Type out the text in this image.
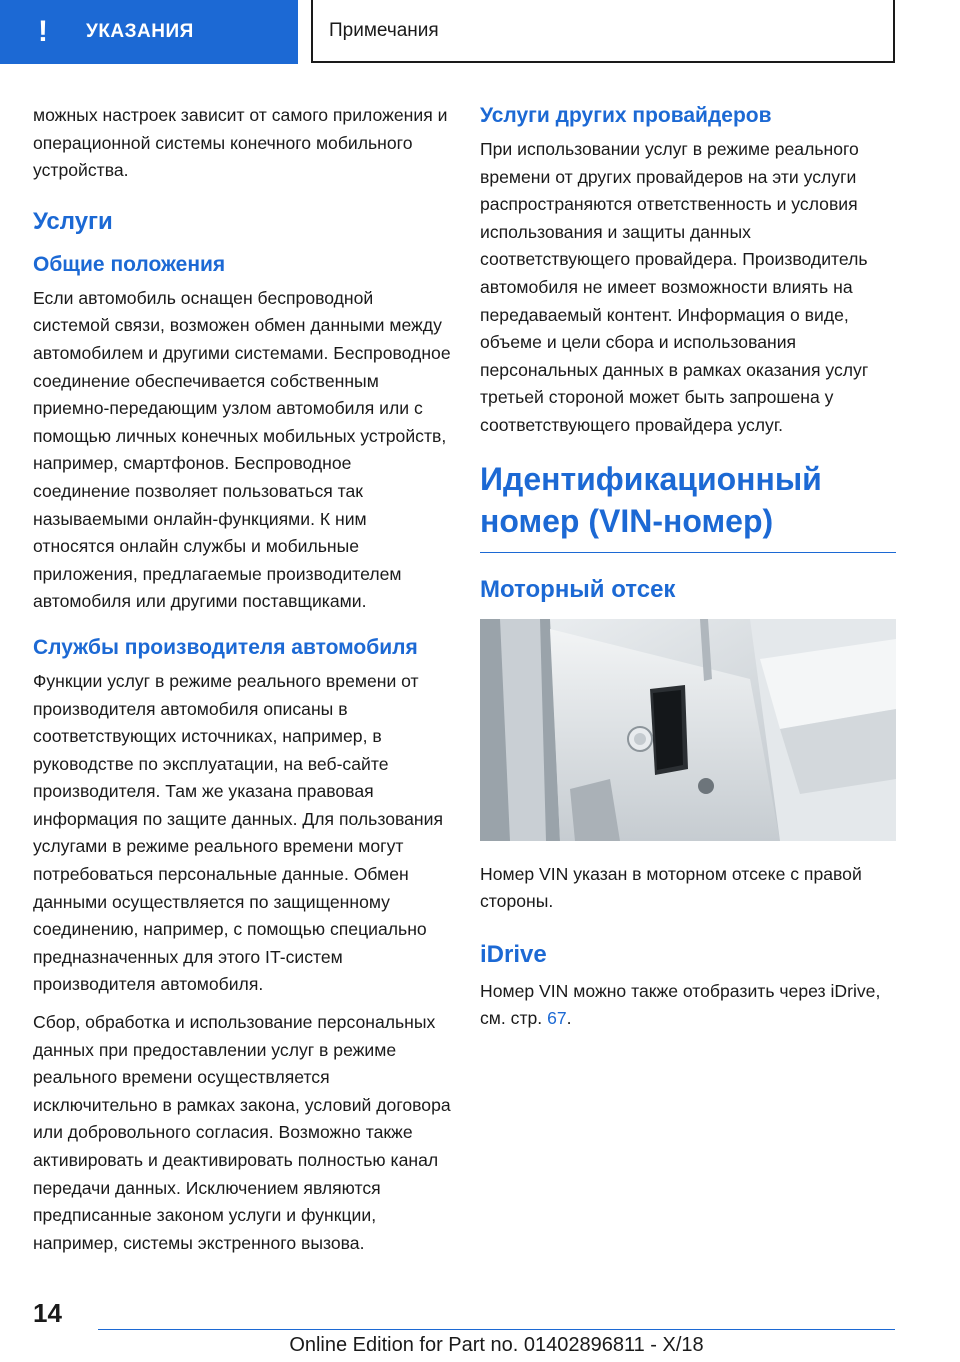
!	УКАЗАНИЯ	Примечания

можных настроек зависит от самого приложения и операционной системы конечного мобильного устройства.

Услуги
Общие положения

Если автомобиль оснащен беспроводной системой связи, возможен обмен данными между автомобилем и другими системами. Беспроводное соединение обеспечивается собственным приемно-передающим узлом автомобиля или с помощью личных конечных мобильных устройств, например, смартфонов. Беспроводное соединение позволяет пользоваться так называемыми онлайн-функциями. К ним относятся онлайн службы и мобильные приложения, предлагаемые производителем автомобиля или другими поставщиками.

Службы производителя автомобиля

Функции услуг в режиме реального времени от производителя автомобиля описаны в соответствующих источниках, например, в руководстве по эксплуатации, на веб-сайте производителя. Там же указана правовая информация по защите данных. Для пользования услугами в режиме реального времени могут потребоваться персональные данные. Обмен данными осуществляется по защищенному соединению, например, с помощью специально предназначенных для этого IT-систем производителя автомобиля.

Сбор, обработка и использование персональных данных при предоставлении услуг в режиме реального времени осуществляется исключительно в рамках закона, условий договора или добровольного согласия. Возможно также активировать и деактивировать полностью канал передачи данных. Исключением являются предписанные законом услуги и функции, например, системы экстренного вызова.

Услуги других провайдеров

При использовании услуг в режиме реального времени от других провайдеров на эти услуги распространяются ответственность и условия использования и защиты данных соответствующего провайдера. Производитель автомобиля не имеет возможности влиять на передаваемый контент. Информация о виде, объеме и цели сбора и использования персональных данных в рамках оказания услуг третьей стороной может быть запрошена у соответствующего провайдера услуг.

Идентификационный номер (VIN-номер)
Моторный отсек

Номер VIN указан в моторном отсеке с правой стороны.

iDrive

Номер VIN можно также отобразить через iDrive, см. стр. 67.

14
Online Edition for Part no. 01402896811 - X/18
